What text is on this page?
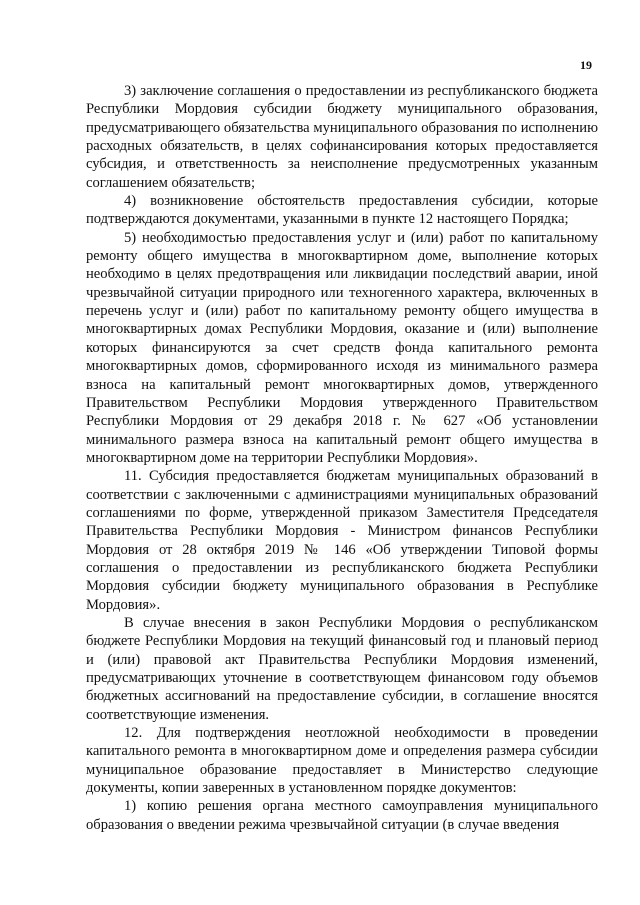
19

3) заключение соглашения о предоставлении из республиканского бюджета Республики Мордовия субсидии бюджету муниципального образования, предусматривающего обязательства муниципального образования по исполнению расходных обязательств, в целях софинансирования которых предоставляется субсидия, и ответственность за неисполнение предусмотренных указанным соглашением обязательств;

4) возникновение обстоятельств предоставления субсидии, которые подтверждаются документами, указанными в пункте 12 настоящего Порядка;

5) необходимостью предоставления услуг и (или) работ по капитальному ремонту общего имущества в многоквартирном доме, выполнение которых необходимо в целях предотвращения или ликвидации последствий аварии, иной чрезвычайной ситуации природного или техногенного характера, включенных в перечень услуг и (или) работ по капитальному ремонту общего имущества в многоквартирных домах Республики Мордовия, оказание и (или) выполнение которых финансируются за счет средств фонда капитального ремонта многоквартирных домов, сформированного исходя из минимального размера взноса на капитальный ремонт многоквартирных домов, утвержденного Правительством Республики Мордовия утвержденного Правительством Республики Мордовия от 29 декабря 2018 г. № 627 «Об установлении минимального размера взноса на капитальный ремонт общего имущества в многоквартирном доме на территории Республики Мордовия».

11. Субсидия предоставляется бюджетам муниципальных образований в соответствии с заключенными с администрациями муниципальных образований соглашениями по форме, утвержденной приказом Заместителя Председателя Правительства Республики Мордовия - Министром финансов Республики Мордовия от 28 октября 2019 № 146 «Об утверждении Типовой формы соглашения о предоставлении из республиканского бюджета Республики Мордовия субсидии бюджету муниципального образования в Республике Мордовия».

В случае внесения в закон Республики Мордовия о республиканском бюджете Республики Мордовия на текущий финансовый год и плановый период и (или) правовой акт Правительства Республики Мордовия изменений, предусматривающих уточнение в соответствующем финансовом году объемов бюджетных ассигнований на предоставление субсидии, в соглашение вносятся соответствующие изменения.

12. Для подтверждения неотложной необходимости в проведении капитального ремонта в многоквартирном доме и определения размера субсидии муниципальное образование предоставляет в Министерство следующие документы, копии заверенных в установленном порядке документов:

1) копию решения органа местного самоуправления муниципального образования о введении режима чрезвычайной ситуации (в случае введения
